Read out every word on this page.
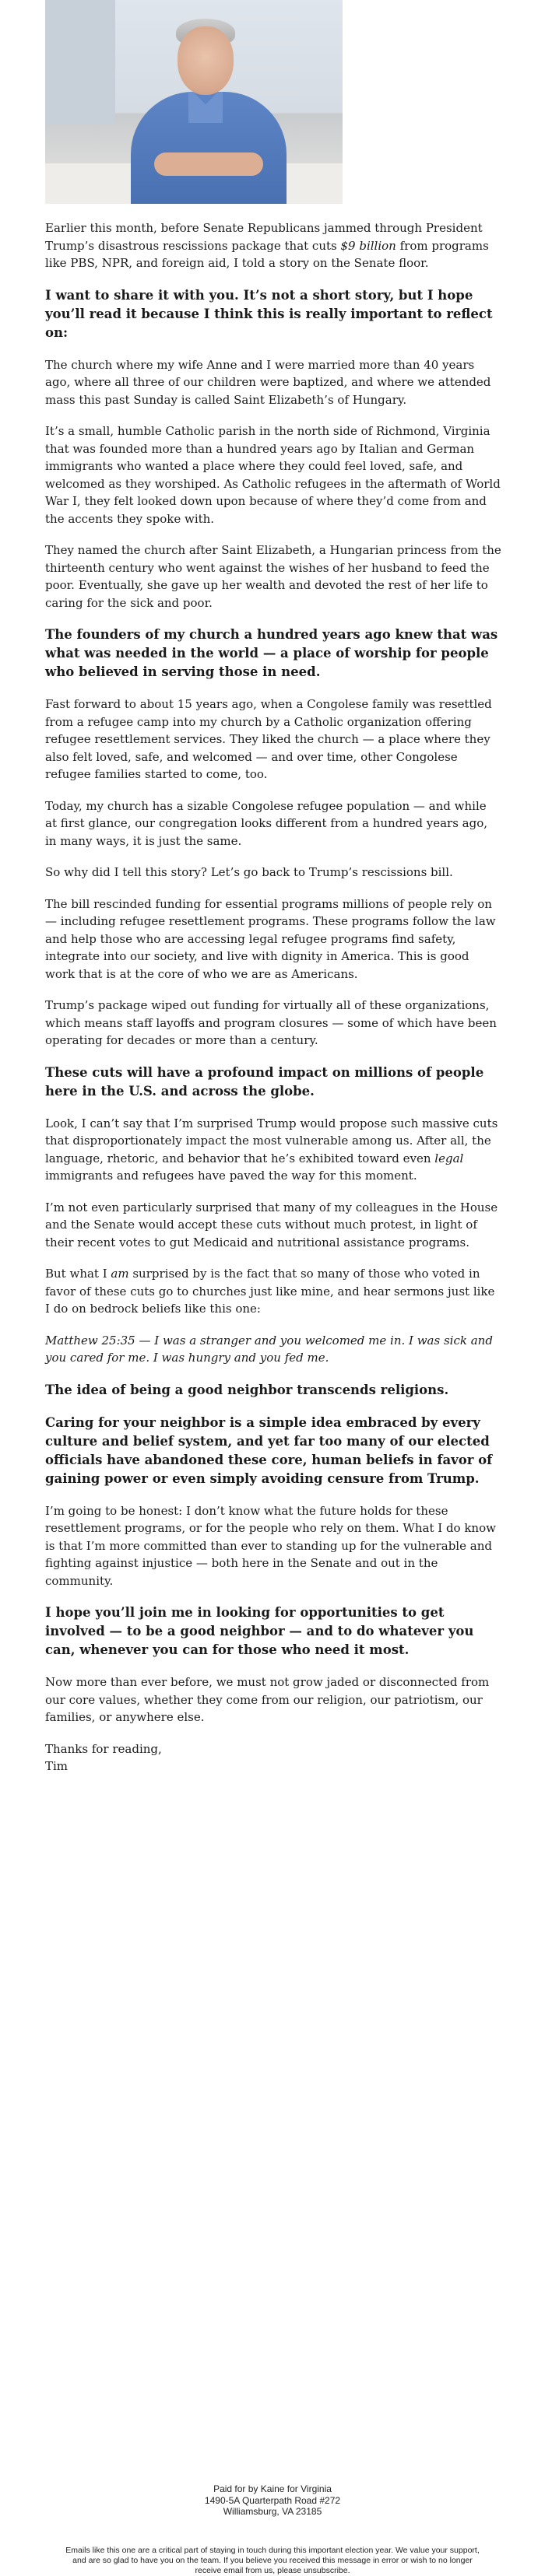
Earlier this month, before Senate Republicans jammed through President Trump’s disastrous rescissions package that cuts $9 billion from programs like PBS, NPR, and foreign aid, I told a story on the Senate floor.

I want to share it with you. It’s not a short story, but I hope you’ll read it because I think this is really important to reflect on:

The church where my wife Anne and I were married more than 40 years ago, where all three of our children were baptized, and where we attended mass this past Sunday is called Saint Elizabeth’s of Hungary.

It’s a small, humble Catholic parish in the north side of Richmond, Virginia that was founded more than a hundred years ago by Italian and German immigrants who wanted a place where they could feel loved, safe, and welcomed as they worshiped. As Catholic refugees in the aftermath of World War I, they felt looked down upon because of where they’d come from and the accents they spoke with.

They named the church after Saint Elizabeth, a Hungarian princess from the thirteenth century who went against the wishes of her husband to feed the poor. Eventually, she gave up her wealth and devoted the rest of her life to caring for the sick and poor.

The founders of my church a hundred years ago knew that was what was needed in the world — a place of worship for people who believed in serving those in need.

Fast forward to about 15 years ago, when a Congolese family was resettled from a refugee camp into my church by a Catholic organization offering refugee resettlement services. They liked the church — a place where they also felt loved, safe, and welcomed — and over time, other Congolese refugee families started to come, too.

Today, my church has a sizable Congolese refugee population — and while at first glance, our congregation looks different from a hundred years ago, in many ways, it is just the same.

So why did I tell this story? Let’s go back to Trump’s rescissions bill.

The bill rescinded funding for essential programs millions of people rely on — including refugee resettlement programs. These programs follow the law and help those who are accessing legal refugee programs find safety, integrate into our society, and live with dignity in America. This is good work that is at the core of who we are as Americans.

Trump’s package wiped out funding for virtually all of these organizations, which means staff layoffs and program closures — some of which have been operating for decades or more than a century.

These cuts will have a profound impact on millions of people here in the U.S. and across the globe.

Look, I can’t say that I’m surprised Trump would propose such massive cuts that disproportionately impact the most vulnerable among us. After all, the language, rhetoric, and behavior that he’s exhibited toward even legal immigrants and refugees have paved the way for this moment.

I’m not even particularly surprised that many of my colleagues in the House and the Senate would accept these cuts without much protest, in light of their recent votes to gut Medicaid and nutritional assistance programs.

But what I am surprised by is the fact that so many of those who voted in favor of these cuts go to churches just like mine, and hear sermons just like I do on bedrock beliefs like this one:

Matthew 25:35 — I was a stranger and you welcomed me in. I was sick and you cared for me. I was hungry and you fed me.

The idea of being a good neighbor transcends religions.

Caring for your neighbor is a simple idea embraced by every culture and belief system, and yet far too many of our elected officials have abandoned these core, human beliefs in favor of gaining power or even simply avoiding censure from Trump.

I’m going to be honest: I don’t know what the future holds for these resettlement programs, or for the people who rely on them. What I do know is that I’m more committed than ever to standing up for the vulnerable and fighting against injustice — both here in the Senate and out in the community.

I hope you’ll join me in looking for opportunities to get involved — to be a good neighbor — and to do whatever you can, whenever you can for those who need it most.

Now more than ever before, we must not grow jaded or disconnected from our core values, whether they come from our religion, our patriotism, our families, or anywhere else.

Thanks for reading,
Tim

Paid for by Kaine for Virginia
1490-5A Quarterpath Road #272
Williamsburg, VA 23185
Emails like this one are a critical part of staying in touch during this important election year. We value your support, and are so glad to have you on the team. If you believe you received this message in error or wish to no longer receive email from us, please unsubscribe.
